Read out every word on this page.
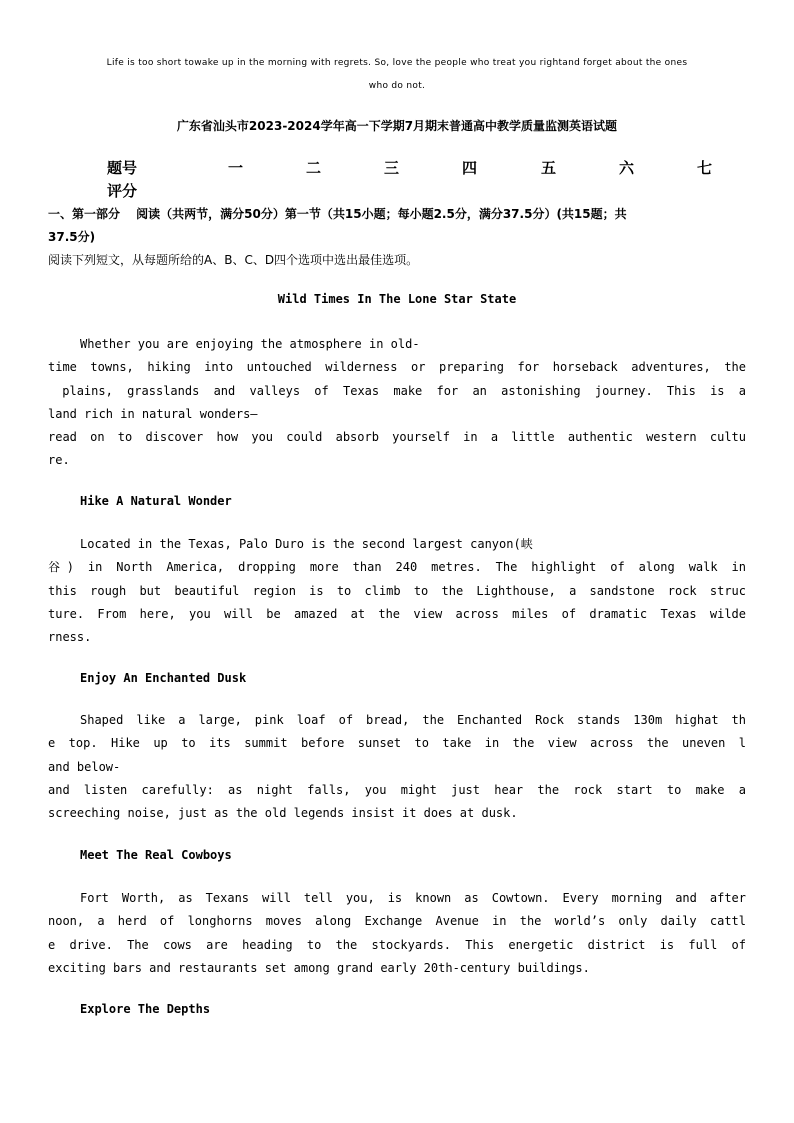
Life is too short towake up in the morning with regrets. So, love the people who treat you rightand forget about the ones
who do not.
广东省汕头市2023-2024学年高一下学期7月期末普通高中教学质量监测英语试题
题号	一	二	三	四	五	六	七
评分
一、第一部分　 阅读（共两节，满分50分）第一节（共15小题；每小题2.5分，满分37.5分）(共15题；共
37.5分)
阅读下列短文，从每题所给的A、B、C、D四个选项中选出最佳选项。
Wild Times In The Lone Star State
Whether you are enjoying the atmosphere in old-
time towns, hiking into untouched wilderness or preparing for horseback adventures, the
plains, grasslands and valleys of Texas make for an astonishing journey. This is a
land rich in natural wonders—
read on to discover how you could absorb yourself in a little authentic western cultu
re.
Hike A Natural Wonder
Located in the Texas, Palo Duro is the second largest canyon(峡
谷) in North America, dropping more than 240 metres. The highlight of along walk in
this rough but beautiful region is to climb to the Lighthouse, a sandstone rock struc
ture. From here, you will be amazed at the view across miles of dramatic Texas wilde
rness.
Enjoy An Enchanted Dusk
Shaped like a large, pink loaf of bread, the Enchanted Rock stands 130m highat th
e top. Hike up to its summit before sunset to take in the view across the uneven l
and below-
and listen carefully: as night falls, you might just hear the rock start to make a
screeching noise, just as the old legends insist it does at dusk.
Meet The Real Cowboys
Fort Worth, as Texans will tell you, is known as Cowtown. Every morning and after
noon, a herd of longhorns moves along Exchange Avenue in the world’s only daily cattl
e drive. The cows are heading to the stockyards. This energetic district is full of
exciting bars and restaurants set among grand early 20th-century buildings.
Explore The Depths
